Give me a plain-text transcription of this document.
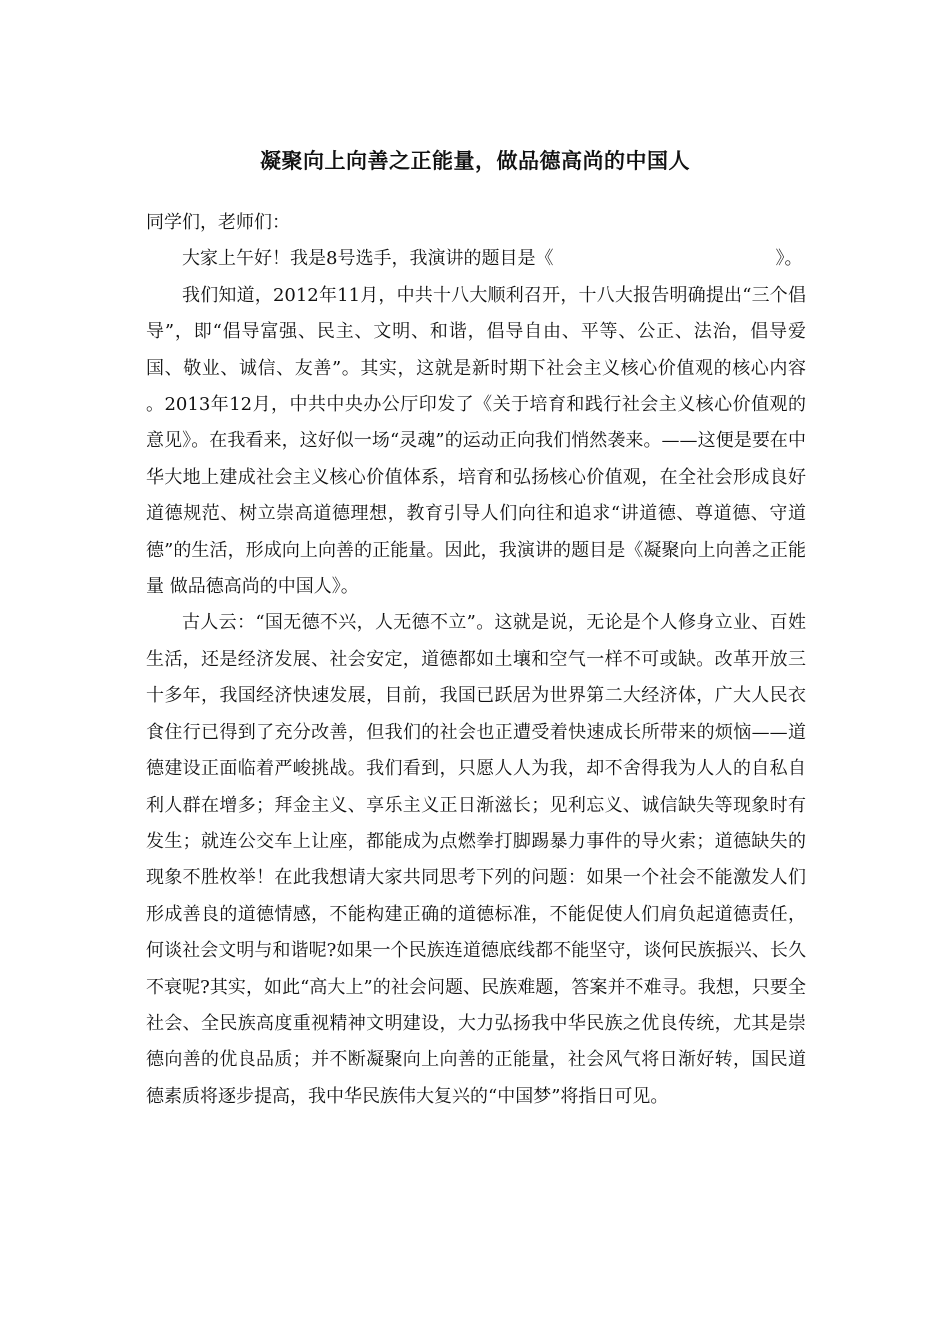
凝聚向上向善之正能量，做品德高尚的中国人

同学们，老师们：

大家上午好！我是8号选手，我演讲的题目是《	》。

我们知道，2012年11月，中共十八大顺利召开，十八大报告明确提出“三个倡导”，即“倡导富强、民主、文明、和谐，倡导自由、平等、公正、法治，倡导爱国、敬业、诚信、友善”。其实，这就是新时期下社会主义核心价值观的核心内容 。2013年12月，中共中央办公厅印发了《关于培育和践行社会主义核心价值观的意见》。在我看来，这好似一场“灵魂”的运动正向我们悄然袭来。——这便是要在中华大地上建成社会主义核心价值体系，培育和弘扬核心价值观，在全社会形成良好道德规范、树立崇高道德理想，教育引导人们向往和追求“讲道德、尊道德、守道德”的生活，形成向上向善的正能量。因此，我演讲的题目是《凝聚向上向善之正能量 做品德高尚的中国人》。

古人云：“国无德不兴，人无德不立”。这就是说，无论是个人修身立业、百姓生活，还是经济发展、社会安定，道德都如土壤和空气一样不可或缺。改革开放三十多年，我国经济快速发展，目前，我国已跃居为世界第二大经济体，广大人民衣食住行已得到了充分改善，但我们的社会也正遭受着快速成长所带来的烦恼——道德建设正面临着严峻挑战。我们看到，只愿人人为我，却不舍得我为人人的自私自利人群在增多；拜金主义、享乐主义正日渐滋长；见利忘义、诚信缺失等现象时有发生；就连公交车上让座，都能成为点燃拳打脚踢暴力事件的导火索；道德缺失的现象不胜枚举！在此我想请大家共同思考下列的问题：如果一个社会不能激发人们形成善良的道德情感，不能构建正确的道德标准，不能促使人们肩负起道德责任，何谈社会文明与和谐呢?如果一个民族连道德底线都不能坚守，谈何民族振兴、长久不衰呢?其实，如此“高大上”的社会问题、民族难题，答案并不难寻。我想，只要全社会、全民族高度重视精神文明建设，大力弘扬我中华民族之优良传统，尤其是崇德向善的优良品质；并不断凝聚向上向善的正能量，社会风气将日渐好转，国民道德素质将逐步提高，我中华民族伟大复兴的“中国梦”将指日可见。
